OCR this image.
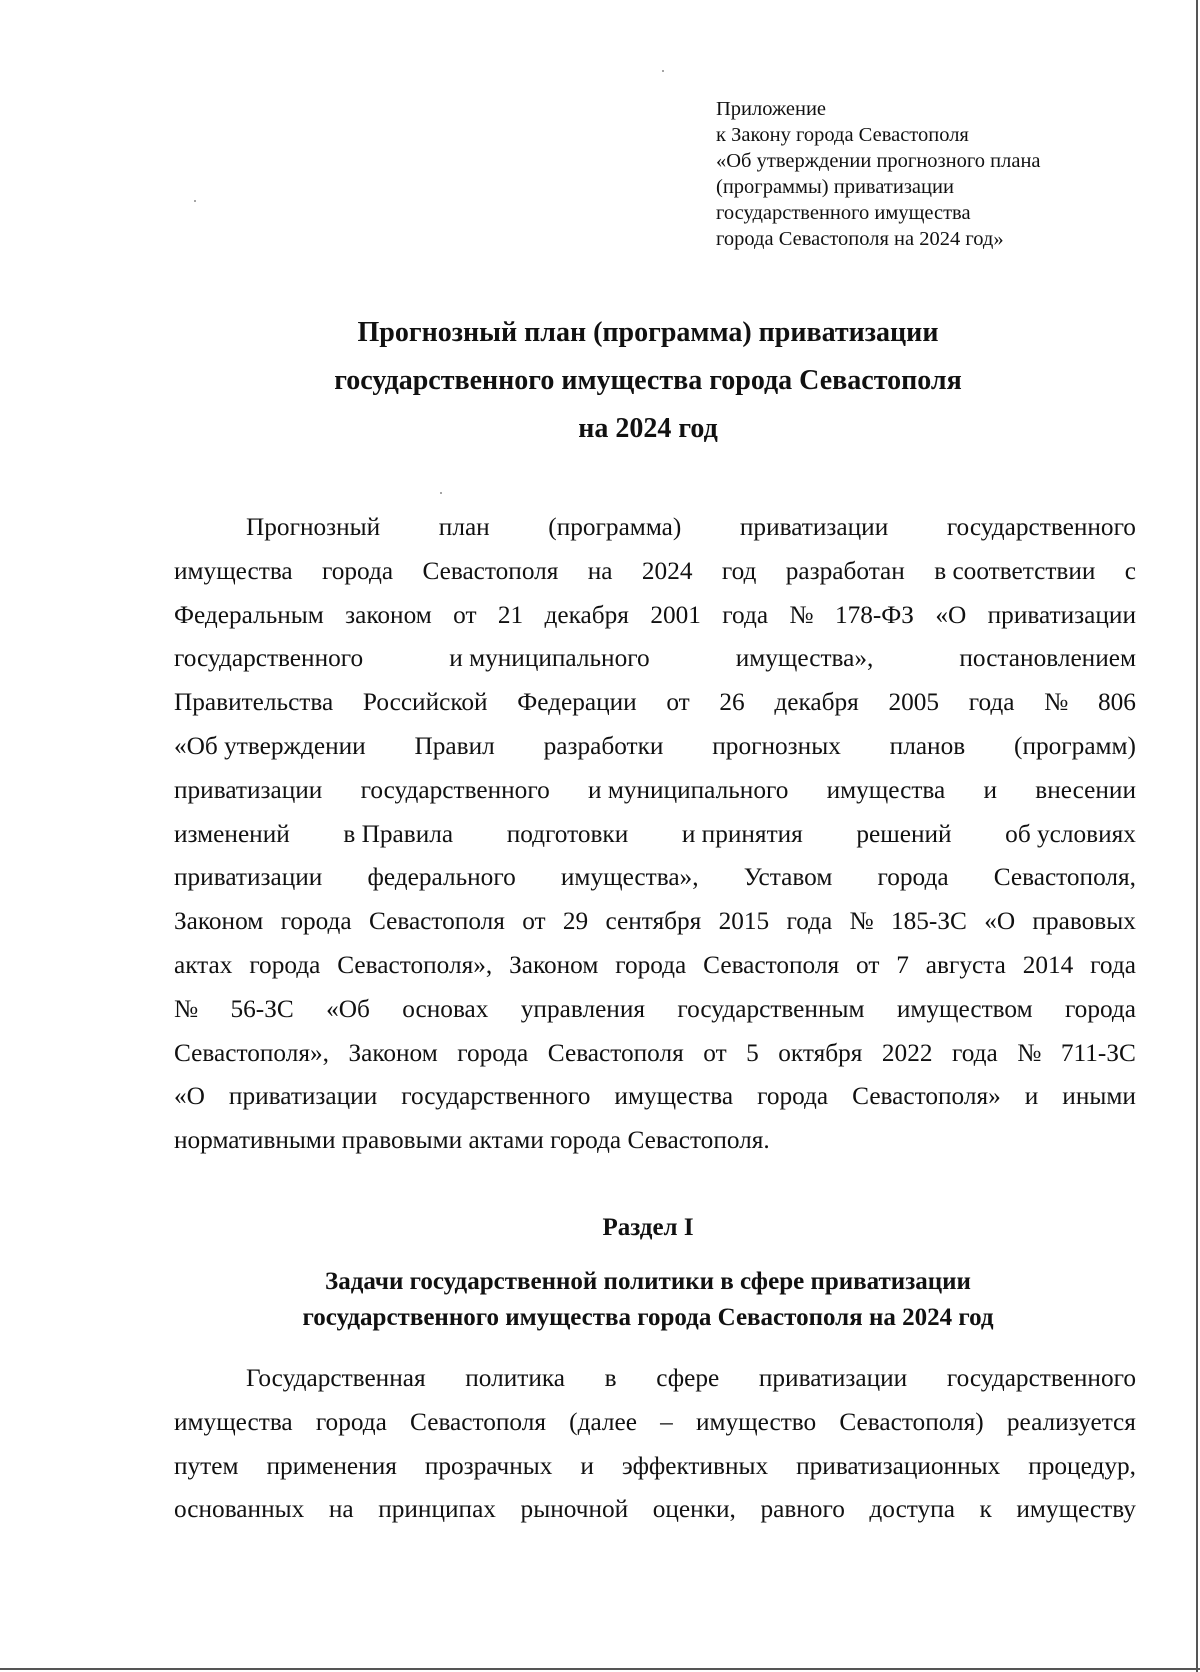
Приложение
к Закону города Севастополя
«Об утверждении прогнозного плана
(программы) приватизации
государственного имущества
города Севастополя на 2024 год»
Прогнозный план (программа) приватизации
государственного имущества города Севастополя
на 2024 год
Прогнозный план (программа) приватизации государственного
имущества города Севастополя на 2024 год разработан в соответствии с
Федеральным законом от 21 декабря 2001 года № 178-ФЗ «О приватизации
государственного	и муниципального	имущества»,	постановлением
Правительства Российской Федерации от 26 декабря 2005 года № 806
«Об утверждении Правил разработки прогнозных планов (программ)
приватизации государственного и муниципального имущества и внесении
изменений в Правила подготовки и принятия решений об условиях
приватизации федерального имущества», Уставом города Севастополя,
Законом города Севастополя от 29 сентября 2015 года № 185-ЗС «О правовых
актах города Севастополя», Законом города Севастополя от 7 августа 2014 года
№ 56-ЗС «Об основах управления государственным имуществом города
Севастополя», Законом города Севастополя от 5 октября 2022 года № 711-ЗС
«О приватизации государственного имущества города Севастополя» и иными
нормативными правовыми актами города Севастополя.
Раздел I
Задачи государственной политики в сфере приватизации
государственного имущества города Севастополя на 2024 год
Государственная политика в сфере приватизации государственного
имущества города Севастополя (далее – имущество Севастополя) реализуется
путем применения прозрачных и эффективных приватизационных процедур,
основанных на принципах рыночной оценки, равного доступа к имуществу
